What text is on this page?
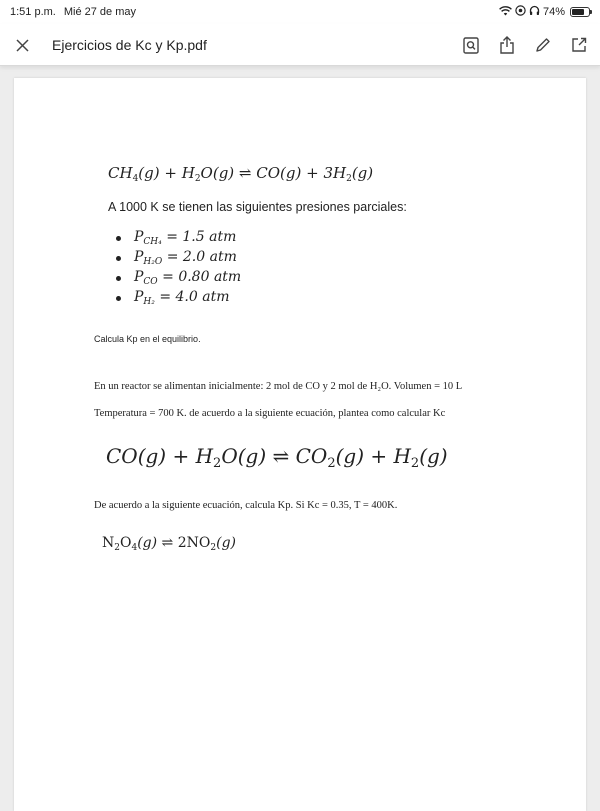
1:51 p.m. Mié 27 de may	74%
Ejercicios de Kc y Kp.pdf
$CH_4(g) + H_2O(g)$ ⇌ $CO(g) + 3H_2(g)$
A 1000 K se tienen las siguientes presiones parciales:
$P_{CH_4} = 1.5$ atm
$P_{H_2O} = 2.0$ atm
$P_{CO} = 0.80$ atm
$P_{H_2} = 4.0$ atm
Calcula Kp en el equilibrio.
En un reactor se alimentan inicialmente: 2 mol de CO y 2 mol de H₂O. Volumen = 10 L
Temperatura = 700 K. de acuerdo a la siguiente ecuación, plantea como calcular Kc
$CO(g) + H_2O(g)$ ⇌ $CO_2(g) + H_2(g)$
De acuerdo a la siguiente ecuación, calcula Kp. Si Kc = 0.35, T = 400K.
$N_2O_4(g)$ ⇌ $2NO_2(g)$
